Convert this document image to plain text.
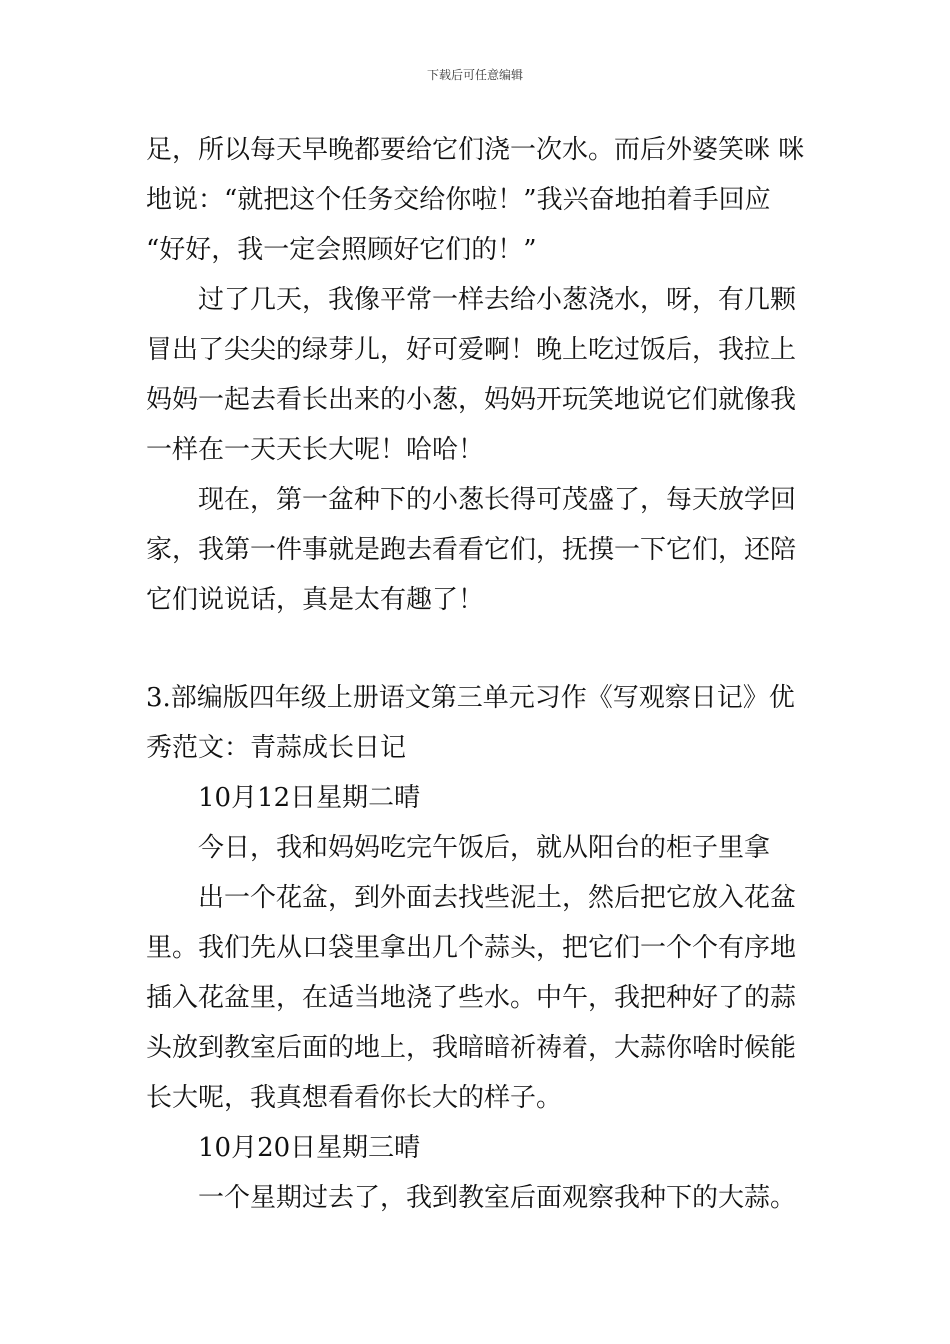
下载后可任意编辑
足，所以每天早晚都要给它们浇一次水。而后外婆笑咪 咪
地说：“就把这个任务交给你啦！”我兴奋地拍着手回应
“好好，我一定会照顾好它们的！”
过了几天，我像平常一样去给小葱浇水，呀，有几颗
冒出了尖尖的绿芽儿，好可爱啊！晚上吃过饭后，我拉上
妈妈一起去看长出来的小葱，妈妈开玩笑地说它们就像我
一样在一天天长大呢！哈哈！
现在，第一盆种下的小葱长得可茂盛了，每天放学回
家，我第一件事就是跑去看看它们，抚摸一下它们，还陪
它们说说话，真是太有趣了！
3.部编版四年级上册语文第三单元习作《写观察日记》优
秀范文：青蒜成长日记
10月12日星期二晴
今日，我和妈妈吃完午饭后，就从阳台的柜子里拿
出一个花盆，到外面去找些泥土，然后把它放入花盆
里。我们先从口袋里拿出几个蒜头，把它们一个个有序地
插入花盆里，在适当地浇了些水。中午，我把种好了的蒜
头放到教室后面的地上，我暗暗祈祷着，大蒜你啥时候能
长大呢，我真想看看你长大的样子。
10月20日星期三晴
一个星期过去了，我到教室后面观察我种下的大蒜。
